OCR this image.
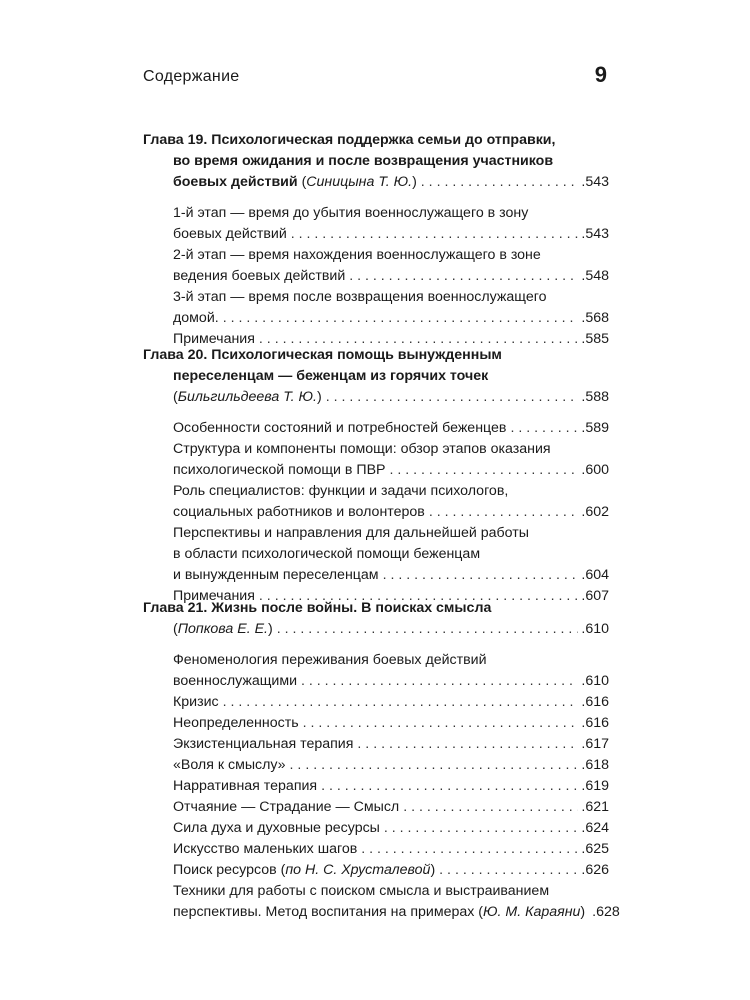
Содержание	9
Глава 19. Психологическая поддержка семьи до отправки,
во время ожидания и после возвращения участников
боевых действий (Синицына Т. Ю.) . . .	.543
1-й этап — время до убытия военнослужащего в зону
боевых действий . . .	.543
2-й этап — время нахождения военнослужащего в зоне
ведения боевых действий . . .	.548
3-й этап — время после возвращения военнослужащего
домой. . . .	.568
Примечания . . .	.585
Глава 20. Психологическая помощь вынужденным
переселенцам — беженцам из горячих точек
(Бильгильдеева Т. Ю.) . . .	.588
Особенности состояний и потребностей беженцев . . .	.589
Структура и компоненты помощи: обзор этапов оказания
психологической помощи в ПВР . . .	.600
Роль специалистов: функции и задачи психологов,
социальных работников и волонтеров . . .	.602
Перспективы и направления для дальнейшей работы
в области психологической помощи беженцам
и вынужденным переселенцам . . .	.604
Примечания . . .	.607
Глава 21. Жизнь после войны. В поисках смысла
(Попкова Е. Е.) . . .	.610
Феноменология переживания боевых действий
военнослужащими . . .	.610
Кризис . . .	.616
Неопределенность . . .	.616
Экзистенциальная терапия . . .	.617
«Воля к смыслу» . . .	.618
Нарративная терапия . . .	.619
Отчаяние — Страдание — Смысл . . .	.621
Сила духа и духовные ресурсы . . .	.624
Искусство маленьких шагов . . .	.625
Поиск ресурсов (по Н. С. Хрусталевой) . . .	.626
Техники для работы с поиском смысла и выстраиванием
перспективы. Метод воспитания на примерах (Ю. М. Караяни) .628
